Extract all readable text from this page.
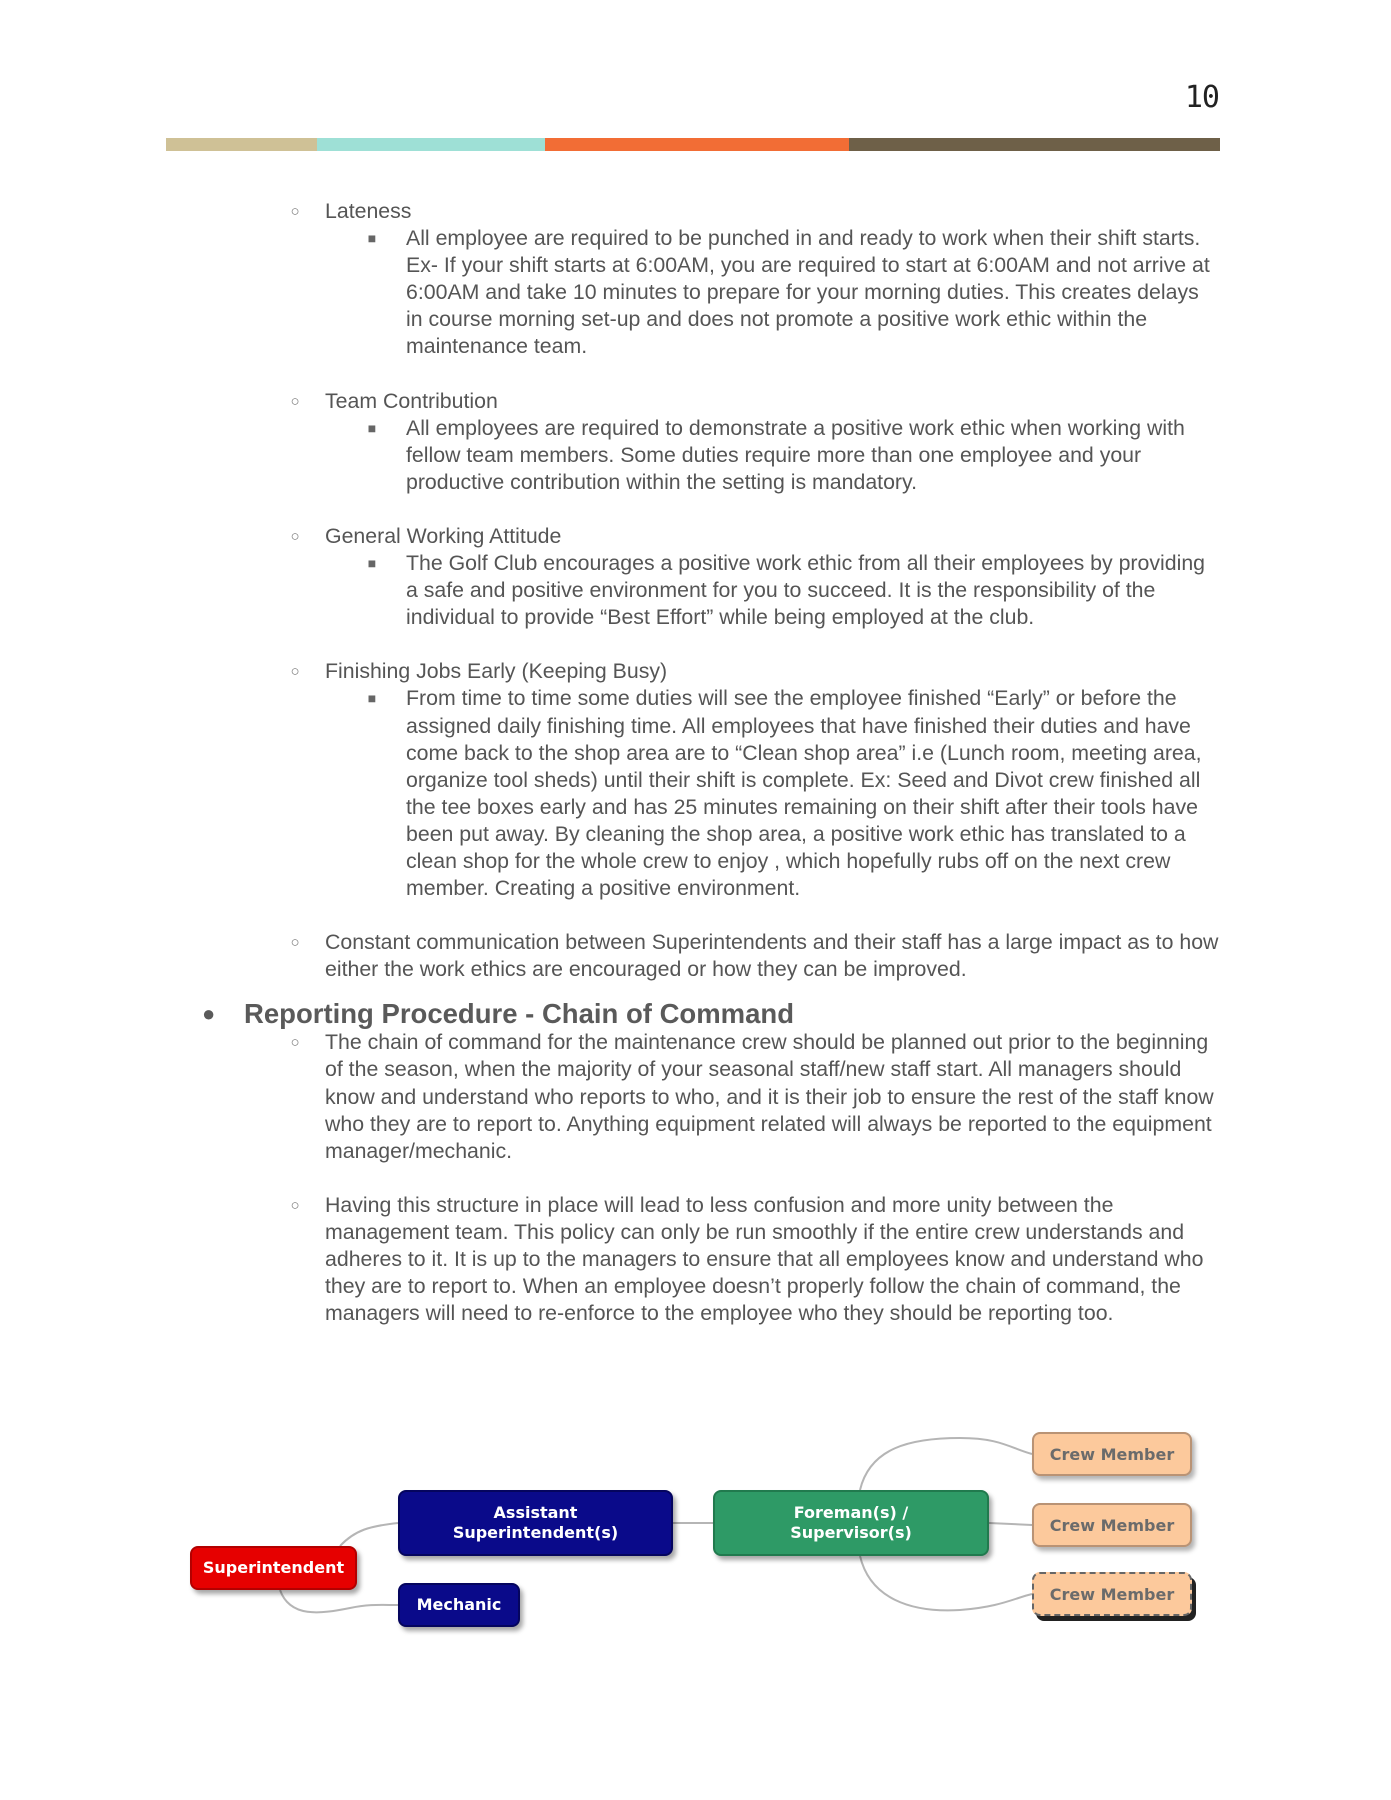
10
○ Lateness
■ All employee are required to be punched in and ready to work when their shift starts. Ex- If your shift starts at 6:00AM, you are required to start at 6:00AM and not arrive at 6:00AM and take 10 minutes to prepare for your morning duties. This creates delays in course morning set-up and does not promote a positive work ethic within the maintenance team.
○ Team Contribution
■ All employees are required to demonstrate a positive work ethic when working with fellow team members. Some duties require more than one employee and your productive contribution within the setting is mandatory.
○ General Working Attitude
■ The Golf Club encourages a positive work ethic from all their employees by providing a safe and positive environment for you to succeed. It is the responsibility of the individual to provide “Best Effort” while being employed at the club.
○ Finishing Jobs Early (Keeping Busy)
■ From time to time some duties will see the employee finished “Early” or before the assigned daily finishing time. All employees that have finished their duties and have come back to the shop area are to “Clean shop area” i.e (Lunch room, meeting area, organize tool sheds) until their shift is complete. Ex: Seed and Divot crew finished all the tee boxes early and has 25 minutes remaining on their shift after their tools have been put away. By cleaning the shop area, a positive work ethic has translated to a clean shop for the whole crew to enjoy , which hopefully rubs off on the next crew member. Creating a positive environment.
○ Constant communication between Superintendents and their staff has a large impact as to how either the work ethics are encouraged or how they can be improved.
● Reporting Procedure - Chain of Command
○ The chain of command for the maintenance crew should be planned out prior to the beginning of the season, when the majority of your seasonal staff/new staff start. All managers should know and understand who reports to who, and it is their job to ensure the rest of the staff know who they are to report to. Anything equipment related will always be reported to the equipment manager/mechanic.
○ Having this structure in place will lead to less confusion and more unity between the management team. This policy can only be run smoothly if the entire crew understands and adheres to it. It is up to the managers to ensure that all employees know and understand who they are to report to. When an employee doesn’t properly follow the chain of command, the managers will need to re-enforce to the employee who they should be reporting too.
Superintendent
Assistant
Superintendent(s)
Mechanic
Foreman(s) /
Supervisor(s)
Crew Member
Crew Member
Crew Member
